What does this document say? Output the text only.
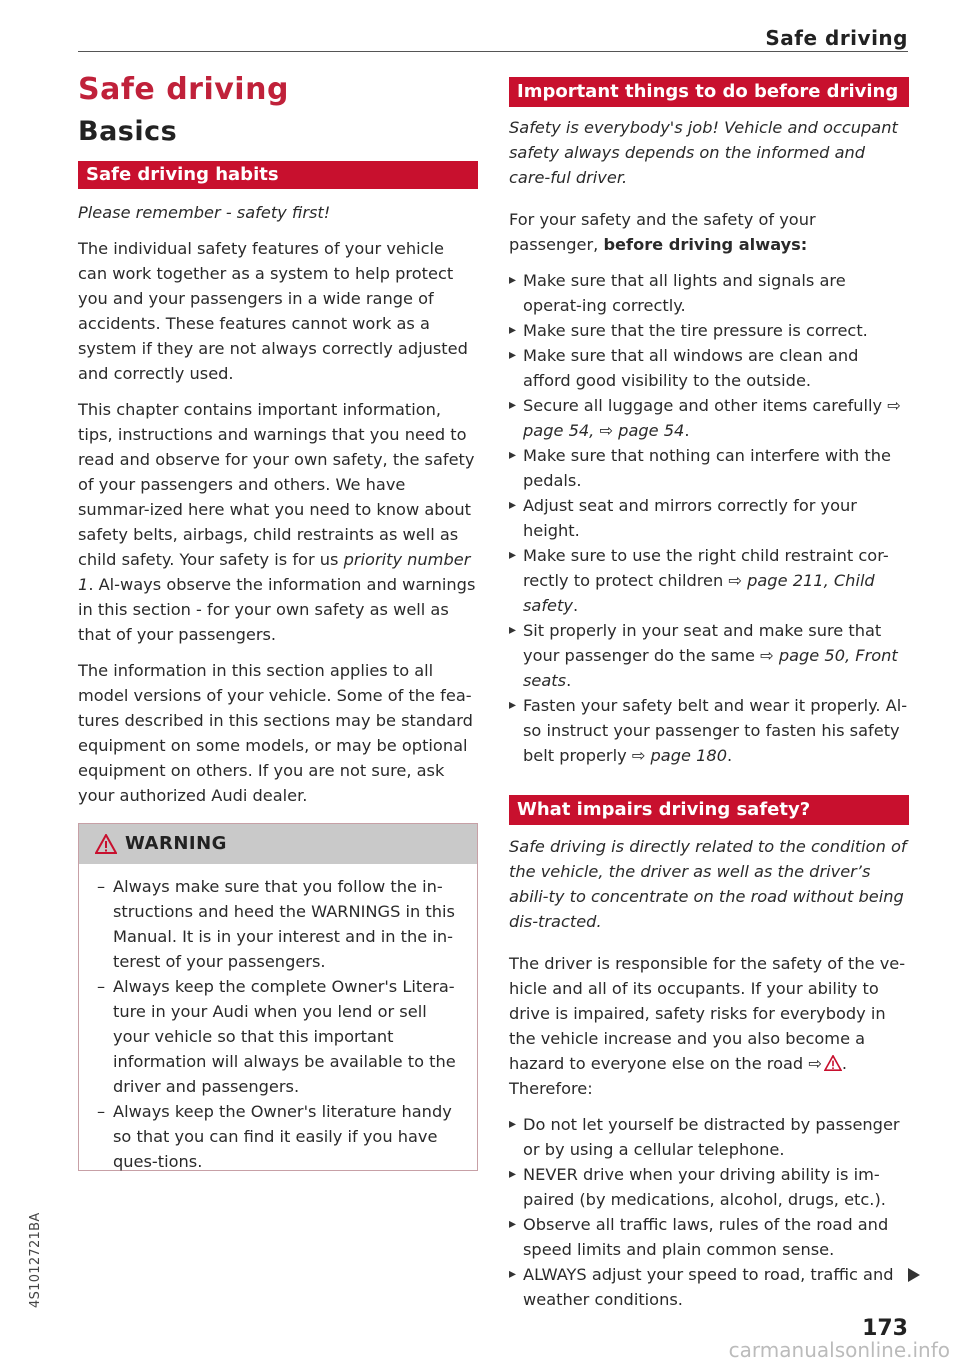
Safe driving
Safe driving
Basics
Safe driving habits

Please remember - safety first!

The individual safety features of your vehicle can work together as a system to help protect you and your passengers in a wide range of accidents. These features cannot work as a system if they are not always correctly adjusted and correctly used.

This chapter contains important information, tips, instructions and warnings that you need to read and observe for your own safety, the safety of your passengers and others. We have summar-ized here what you need to know about safety belts, airbags, child restraints as well as child safety. Your safety is for us priority number 1. Al-ways observe the information and warnings in this section - for your own safety as well as that of your passengers.

The information in this section applies to all model versions of your vehicle. Some of the fea-tures described in this sections may be standard equipment on some models, or may be optional equipment on others. If you are not sure, ask your authorized Audi dealer.

WARNING
– Always make sure that you follow the in-structions and heed the WARNINGS in this Manual. It is in your interest and in the in-terest of your passengers.
– Always keep the complete Owner's Litera-ture in your Audi when you lend or sell your vehicle so that this important information will always be available to the driver and passengers.
– Always keep the Owner's literature handy so that you can find it easily if you have ques-tions.
Important things to do before driving

Safety is everybody's job! Vehicle and occupant safety always depends on the informed and care-ful driver.

For your safety and the safety of your passenger, before driving always:

▸ Make sure that all lights and signals are operat-ing correctly.
▸ Make sure that the tire pressure is correct.
▸ Make sure that all windows are clean and afford good visibility to the outside.
▸ Secure all luggage and other items carefully ⇨ page 54, ⇨ page 54.
▸ Make sure that nothing can interfere with the pedals.
▸ Adjust seat and mirrors correctly for your height.
▸ Make sure to use the right child restraint cor-rectly to protect children ⇨ page 211, Child safety.
▸ Sit properly in your seat and make sure that your passenger do the same ⇨ page 50, Front seats.
▸ Fasten your safety belt and wear it properly. Al-so instruct your passenger to fasten his safety belt properly ⇨ page 180.
What impairs driving safety?

Safe driving is directly related to the condition of the vehicle, the driver as well as the driver’s abili-ty to concentrate on the road without being dis-tracted.

The driver is responsible for the safety of the ve-hicle and all of its occupants. If your ability to drive is impaired, safety risks for everybody in the vehicle increase and you also become a hazard to everyone else on the road ⇨ . Therefore:

▸ Do not let yourself be distracted by passenger or by using a cellular telephone.
▸ NEVER drive when your driving ability is im-paired (by medications, alcohol, drugs, etc.).
▸ Observe all traffic laws, rules of the road and speed limits and plain common sense.
▸ ALWAYS adjust your speed to road, traffic and weather conditions.
4S1012721BA
173
carmanualsonline.info
